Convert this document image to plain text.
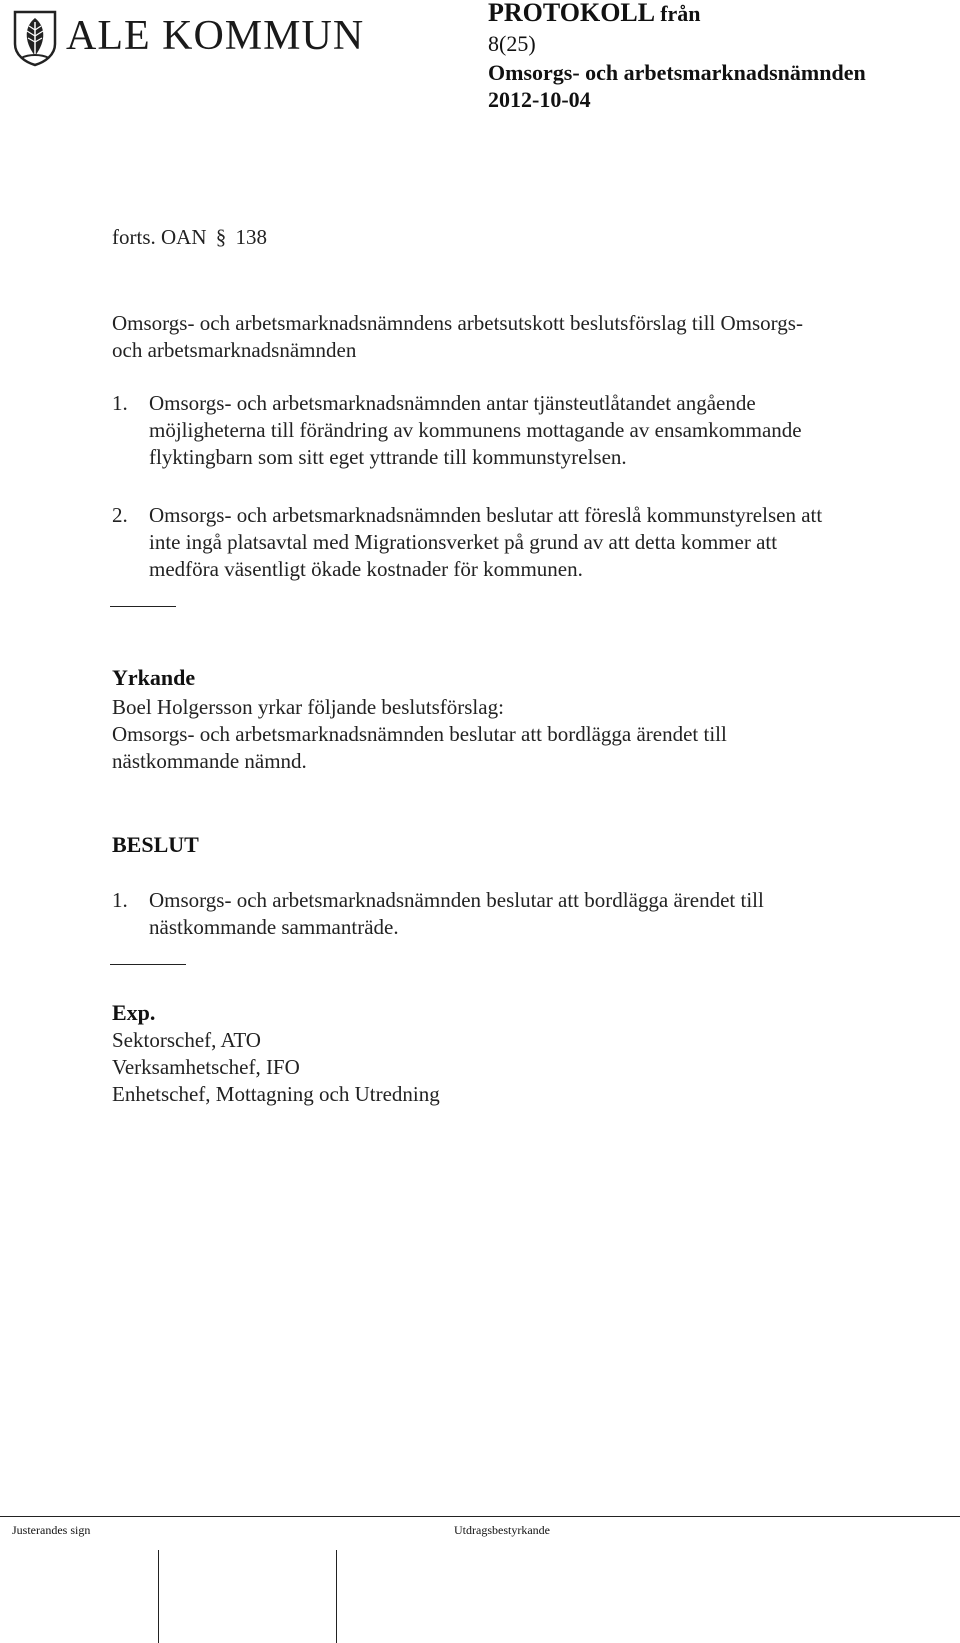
ALE KOMMUN
PROTOKOLL från
8(25)
Omsorgs- och arbetsmarknadsnämnden
2012-10-04
forts. OAN § 138
Omsorgs- och arbetsmarknadsnämndens arbetsutskott beslutsförslag till Omsorgs-
och arbetsmarknadsnämnden
1. Omsorgs- och arbetsmarknadsnämnden antar tjänsteutlåtandet angående
möjligheterna till förändring av kommunens mottagande av ensamkommande
flyktingbarn som sitt eget yttrande till kommunstyrelsen.
2. Omsorgs- och arbetsmarknadsnämnden beslutar att föreslå kommunstyrelsen att
inte ingå platsavtal med Migrationsverket på grund av att detta kommer att
medföra väsentligt ökade kostnader för kommunen.
Yrkande
Boel Holgersson yrkar följande beslutsförslag:
Omsorgs- och arbetsmarknadsnämnden beslutar att bordlägga ärendet till
nästkommande nämnd.
BESLUT
1. Omsorgs- och arbetsmarknadsnämnden beslutar att bordlägga ärendet till
nästkommande sammanträde.
Exp.
Sektorschef, ATO
Verksamhetschef, IFO
Enhetschef, Mottagning och Utredning
Justerandes sign	Utdragsbestyrkande
